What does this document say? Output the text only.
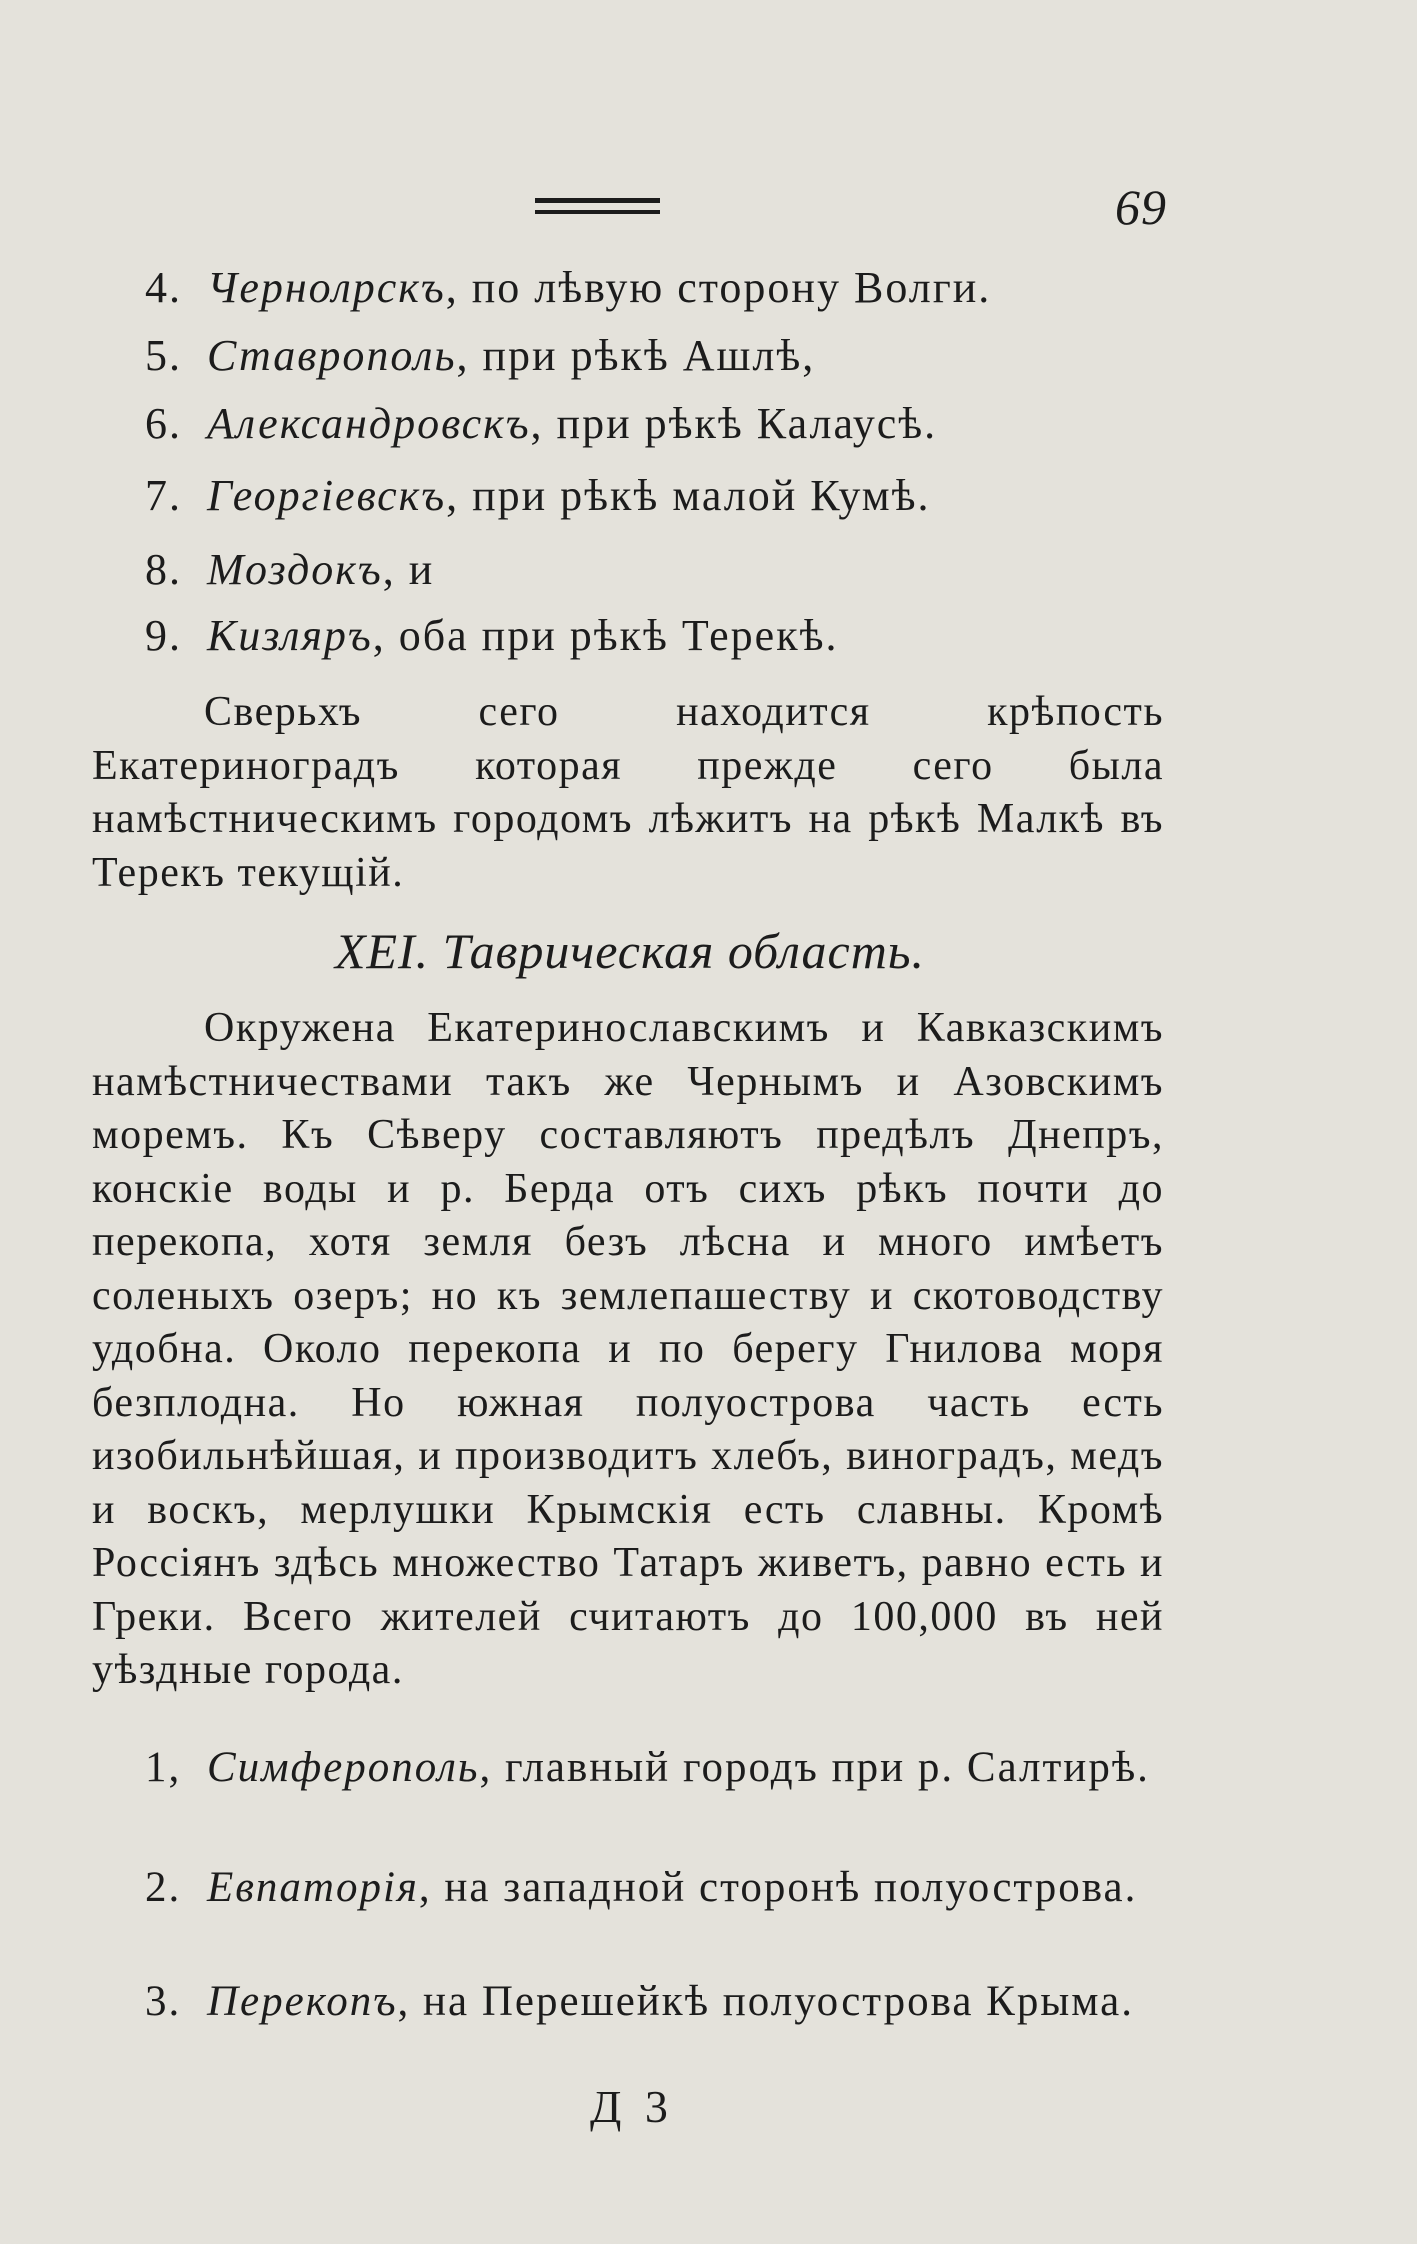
69
4. Чернолрскъ, по лѣвую сторону Волги.
5. Ставрополь, при рѣкѣ Ашлѣ,
6. Александровскъ, при рѣкѣ Калаусѣ.
7. Георгіевскъ, при рѣкѣ малой Кумѣ.
8. Моздокъ, и
9. Кизляръ, оба при рѣкѣ Терекѣ.
Сверьхъ сего находится крѣпость Екатериноградъ которая прежде сего была намѣстническимъ городомъ лѣжитъ на рѣкѣ Малкѣ въ Терекъ текущій.
XEI. Таврическая область.
Окружена Екатеринославскимъ и Кавказскимъ намѣстничествами такъ же Чернымъ и Азовскимъ моремъ. Къ Сѣверу составляютъ предѣлъ Днепръ, конскіе воды и р. Берда отъ сихъ рѣкъ почти до перекопа, хотя земля безъ лѣсна и много имѣетъ соленыхъ озеръ; но къ землепашеству и скотоводству удобна. Около перекопа и по берегу Гнилова моря безплодна. Но южная полуострова часть есть изобильнѣйшая, и производитъ хлебъ, виноградъ, медъ и воскъ, мерлушки Крымскія есть славны. Кромѣ Россіянъ здѣсь множество Татаръ живетъ, равно есть и Греки. Всего жителей считаютъ до 100,000 въ ней уѣздные города.
1, Симферополь, главный городъ при р. Салтирѣ.
2. Евпаторія, на западной сторонѣ полуострова.
3. Перекопъ, на Перешейкѣ полуострова Крыма.
Д 3
